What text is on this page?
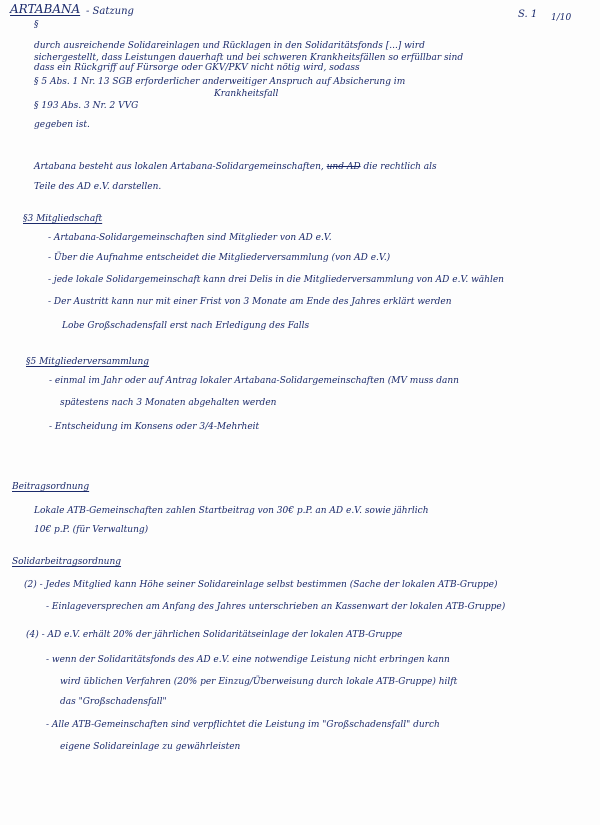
ARTABANA - Satzung	S. 1 1/10
§
durch ausreichende Solidareinlagen und Rücklagen in den Solidaritätsfonds [...] wird
sichergestellt, dass Leistungen dauerhaft und bei schweren Krankheitsfällen so erfüllbar sind
dass ein Rückgriff auf Fürsorge oder GKV/PKV nicht nötig wird, sodass
§ 5 Abs. 1 Nr. 13 SGB erforderlicher anderweitiger Anspruch auf Absicherung im
Krankheitsfall
§ 193 Abs. 3 Nr. 2 VVG
gegeben ist.
Artabana besteht aus lokalen Artabana-Solidargemeinschaften, und AD die rechtlich als
Teile des AD e.V. darstellen.
§3 Mitgliedschaft
- Artabana-Solidargemeinschaften sind Mitglieder von AD e.V.
- Über die Aufnahme entscheidet die Mitgliederversammlung (von AD e.V.)
- jede lokale Solidargemeinschaft kann drei Delis in die Mitgliederversammlung von AD e.V. wählen
- Der Austritt kann nur mit einer Frist von 3 Monate am Ende des Jahres erklärt werden
Lobe Großschadensfall erst nach Erledigung des Falls
§5 Mitgliederversammlung
- einmal im Jahr oder auf Antrag lokaler Artabana-Solidargemeinschaften (MV muss dann
spätestens nach 3 Monaten abgehalten werden
- Entscheidung im Konsens oder 3/4-Mehrheit
Beitragsordnung
Lokale ATB-Gemeinschaften zahlen Startbeitrag von 30€ p.P. an AD e.V. sowie jährlich
10€ p.P. (für Verwaltung)
Solidarbeitragsordnung
(2) - Jedes Mitglied kann Höhe seiner Solidareinlage selbst bestimmen (Sache der lokalen ATB-Gruppe)
- Einlageversprechen am Anfang des Jahres unterschrieben an Kassenwart der lokalen ATB-Gruppe)
(4) - AD e.V. erhält 20% der jährlichen Solidaritätseinlage der lokalen ATB-Gruppe
- wenn der Solidaritätsfonds des AD e.V. eine notwendige Leistung nicht erbringen kann
wird üblichen Verfahren (20% per Einzug/Überweisung durch lokale ATB-Gruppe) hilft
das "Großschadensfall"
- Alle ATB-Gemeinschaften sind verpflichtet die Leistung im "Großschadensfall" durch
eigene Solidareinlage zu gewährleisten
